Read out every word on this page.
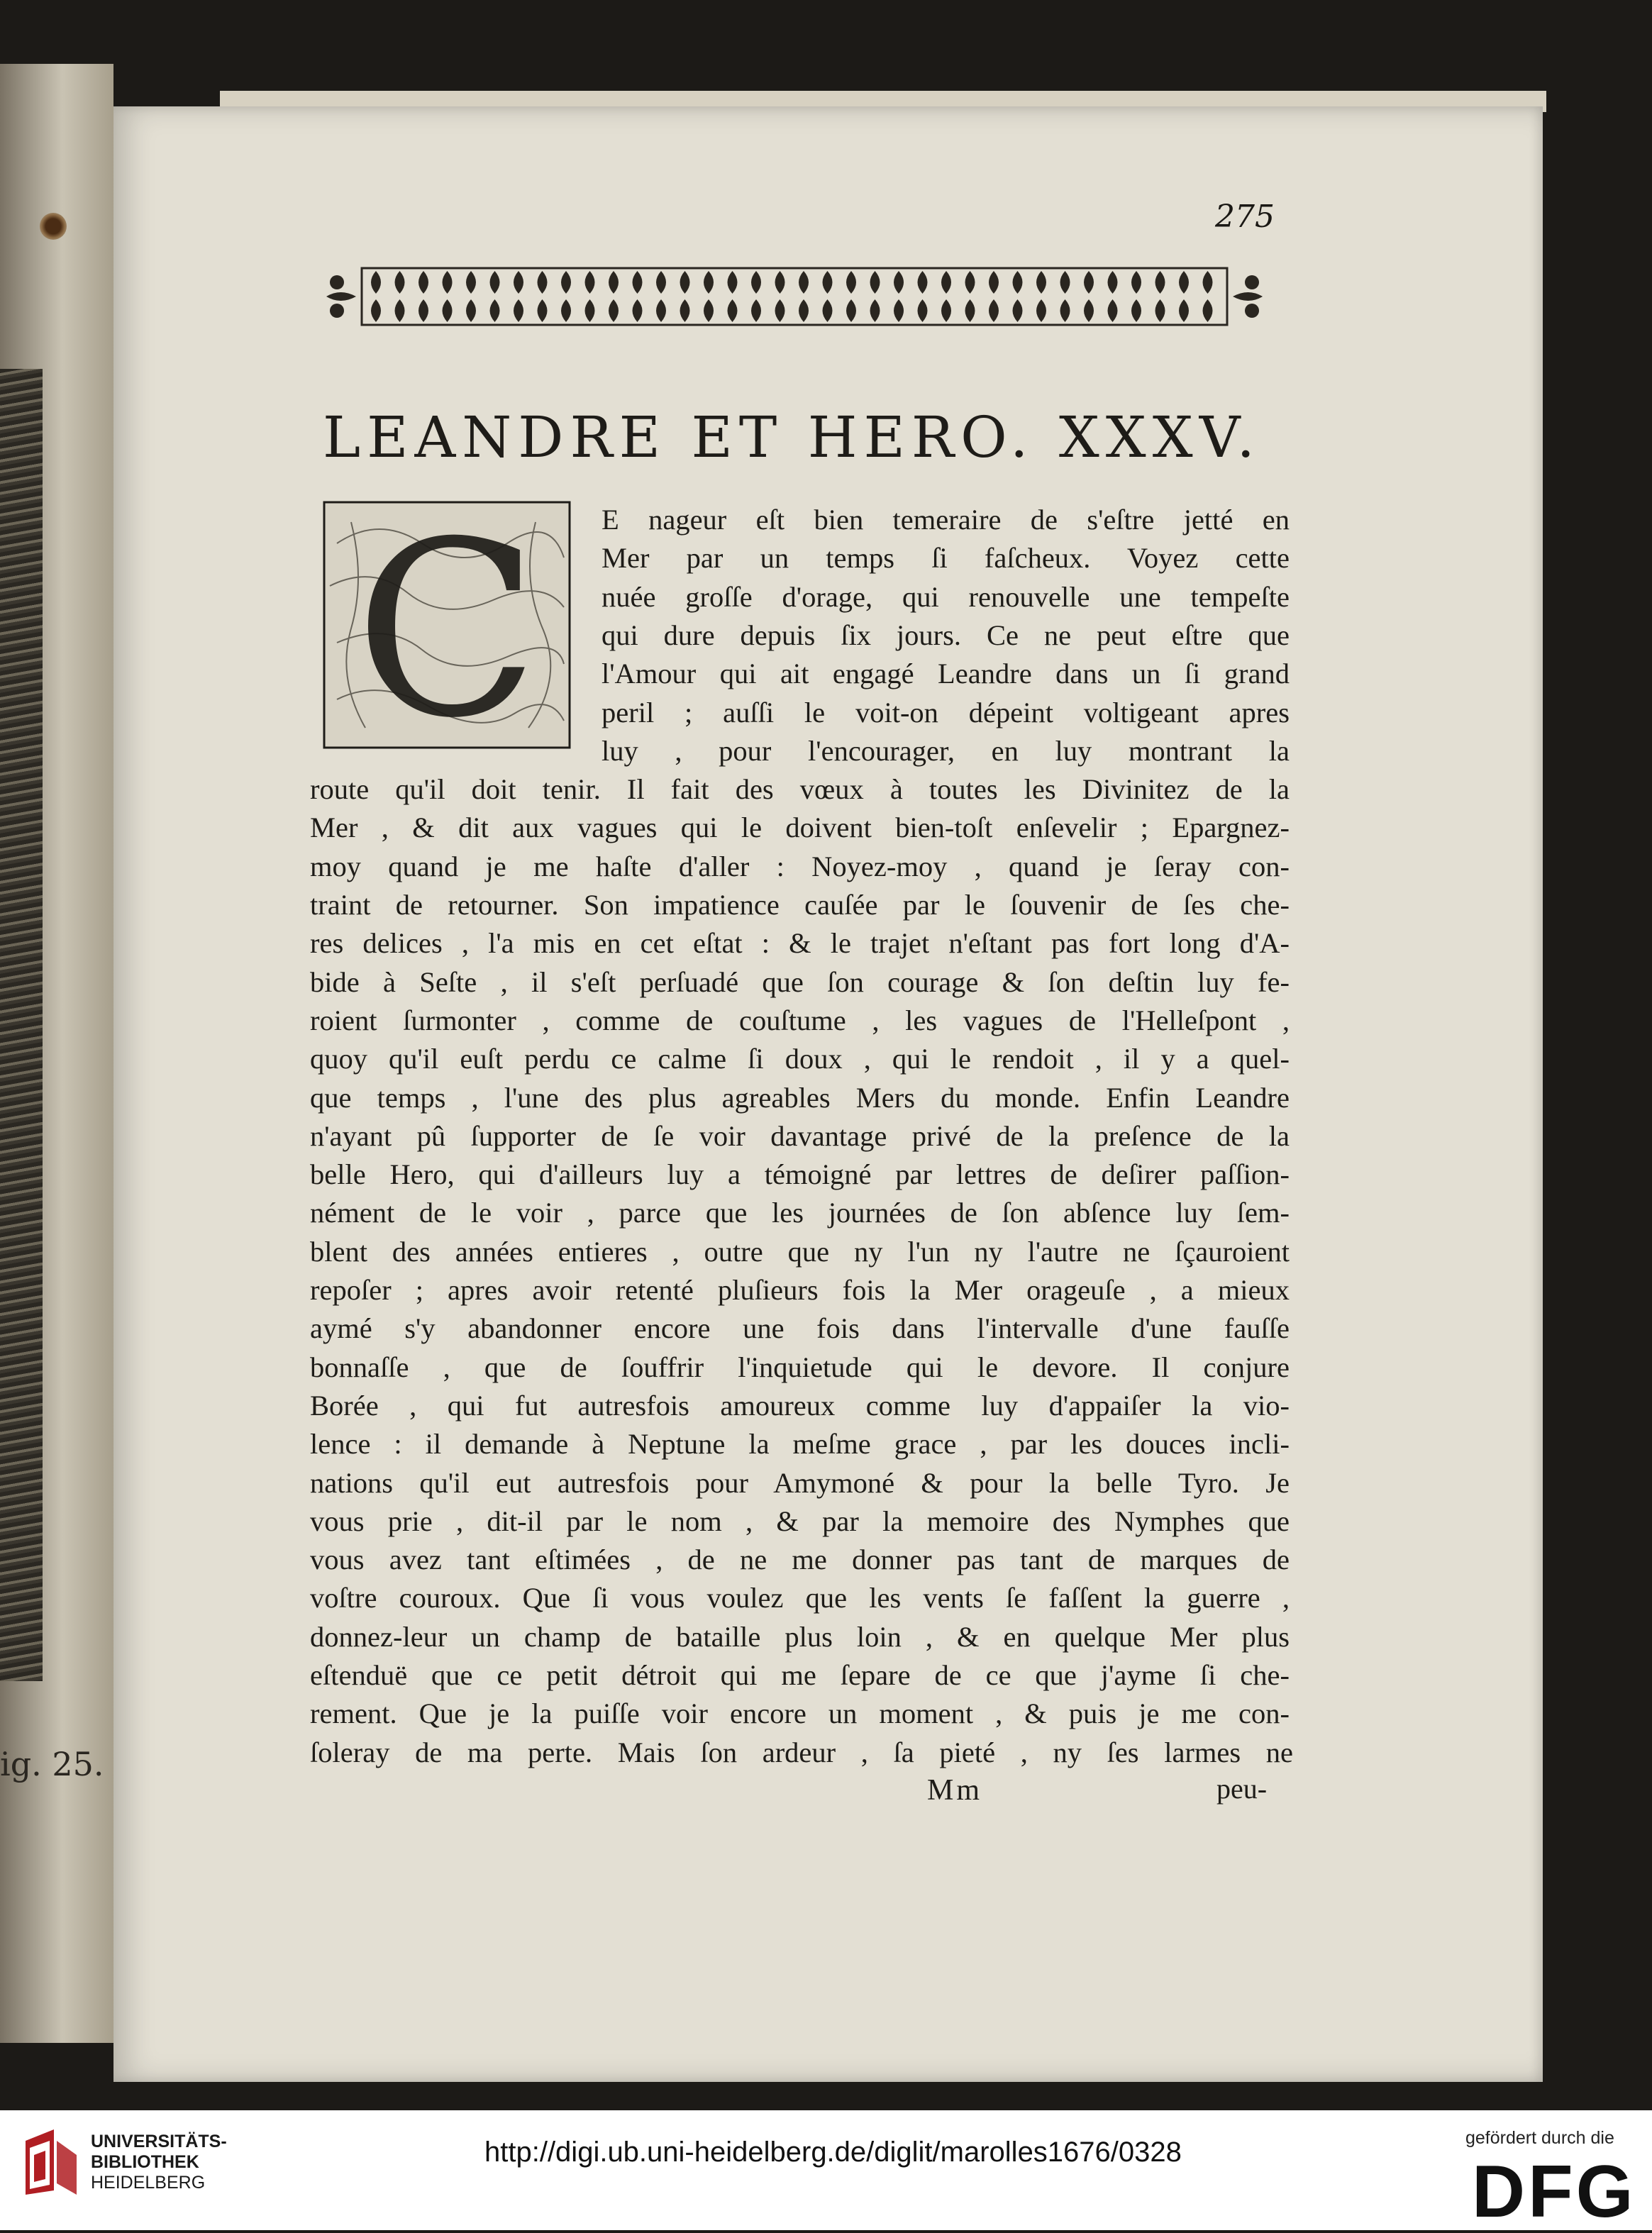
ig. 25.
275
LEANDRE ET HERO. XXXV.
C E nageur eſt bien temeraire de s'eſtre jetté en
Mer par un temps ſi faſcheux. Voyez cette
nuée groſſe d'orage, qui renouvelle une tempeſte
qui dure depuis ſix jours. Ce ne peut eſtre que
l'Amour qui ait engagé Leandre dans un ſi grand
peril ; auſſi le voit-on dépeint voltigeant apres
luy , pour l'encourager, en luy montrant la
route qu'il doit tenir. Il fait des vœux à toutes les Divinitez de la
Mer , & dit aux vagues qui le doivent bien-toſt enſevelir ; Epargnez-
moy quand je me haſte d'aller : Noyez-moy , quand je ſeray con-
traint de retourner. Son impatience cauſée par le ſouvenir de ſes che-
res delices , l'a mis en cet eſtat : & le trajet n'eſtant pas fort long d'A-
bide à Seſte , il s'eſt perſuadé que ſon courage & ſon deſtin luy fe-
roient ſurmonter , comme de couſtume , les vagues de l'Helleſpont ,
quoy qu'il euſt perdu ce calme ſi doux , qui le rendoit , il y a quel-
que temps , l'une des plus agreables Mers du monde. Enfin Leandre
n'ayant pû ſupporter de ſe voir davantage privé de la preſence de la
belle Hero, qui d'ailleurs luy a témoigné par lettres de deſirer paſſion-
nément de le voir , parce que les journées de ſon abſence luy ſem-
blent des années entieres , outre que ny l'un ny l'autre ne ſçauroient
repoſer ; apres avoir retenté pluſieurs fois la Mer orageuſe , a mieux
aymé s'y abandonner encore une fois dans l'intervalle d'une fauſſe
bonnaſſe , que de ſouffrir l'inquietude qui le devore. Il conjure
Borée , qui fut autresfois amoureux comme luy d'appaiſer la vio-
lence : il demande à Neptune la meſme grace , par les douces incli-
nations qu'il eut autresfois pour Amymoné & pour la belle Tyro. Je
vous prie , dit-il par le nom , & par la memoire des Nymphes que
vous avez tant eſtimées , de ne me donner pas tant de marques de
voſtre couroux. Que ſi vous voulez que les vents ſe faſſent la guerre ,
donnez-leur un champ de bataille plus loin , & en quelque Mer plus
eſtenduë que ce petit détroit qui me ſepare de ce que j'ayme ſi che-
rement. Que je la puiſſe voir encore un moment , & puis je me con-
ſoleray de ma perte. Mais ſon ardeur , ſa pieté , ny ſes larmes ne
Mm	peu-
UNIVERSITÄTS-
BIBLIOTHEK
HEIDELBERG
http://digi.ub.uni-heidelberg.de/diglit/marolles1676/0328	gefördert durch die
DFG
